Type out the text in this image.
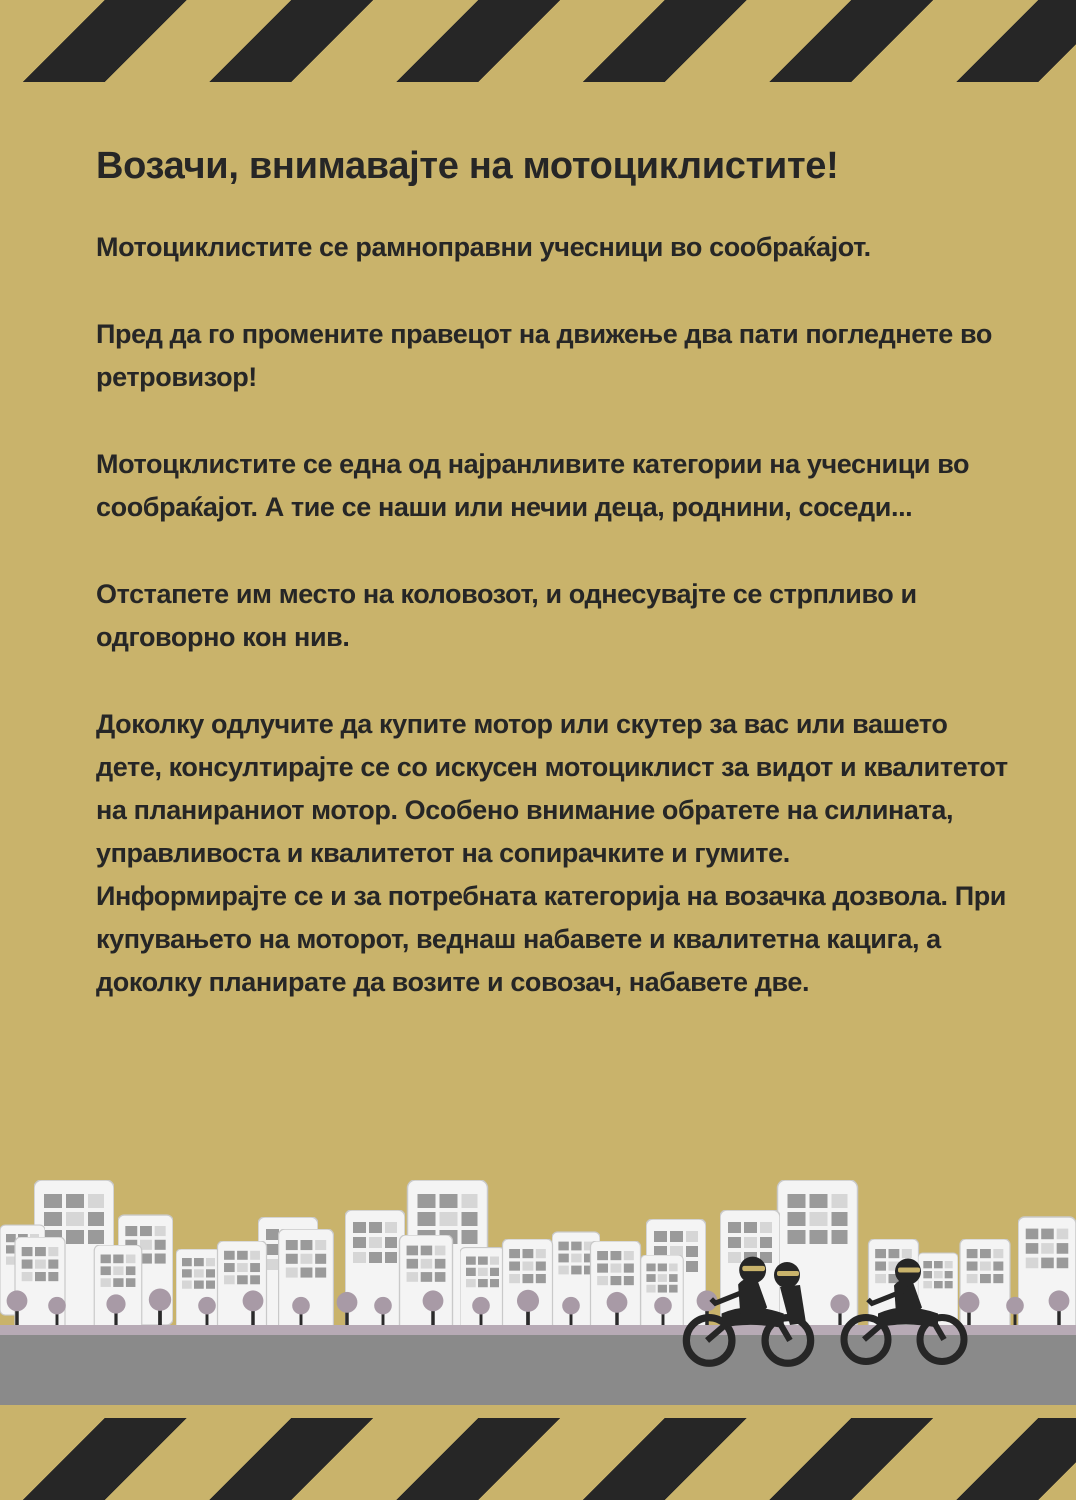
Возачи, внимавајте на мотоциклистите!

Мотоциклистите се рамноправни учесници во сообраќајот.

Пред да го промените правецот на движење два пати погледнете во ретровизор!

Мотоцклистите се една од најранливите категории на учесници во сообраќајот. А тие се наши или нечии деца, роднини, соседи...

Отстапете им место на коловозот, и однесувајте се стрпливо и одговорно кон нив.

Доколку одлучите да купите мотор или скутер за вас или вашето дете, консултирајте се со искусен мотоциклист за видот и квалитетот на планираниот мотор. Особено внимание обратете на силината, управливоста и квалитетот на сопирачките и гумите.

Информирајте се и за потребната категорија на возачка дозвола. При купувањето на моторот, веднаш набавете и квалитетна кацига, а доколку планирате да возите и совозач, набавете две.
